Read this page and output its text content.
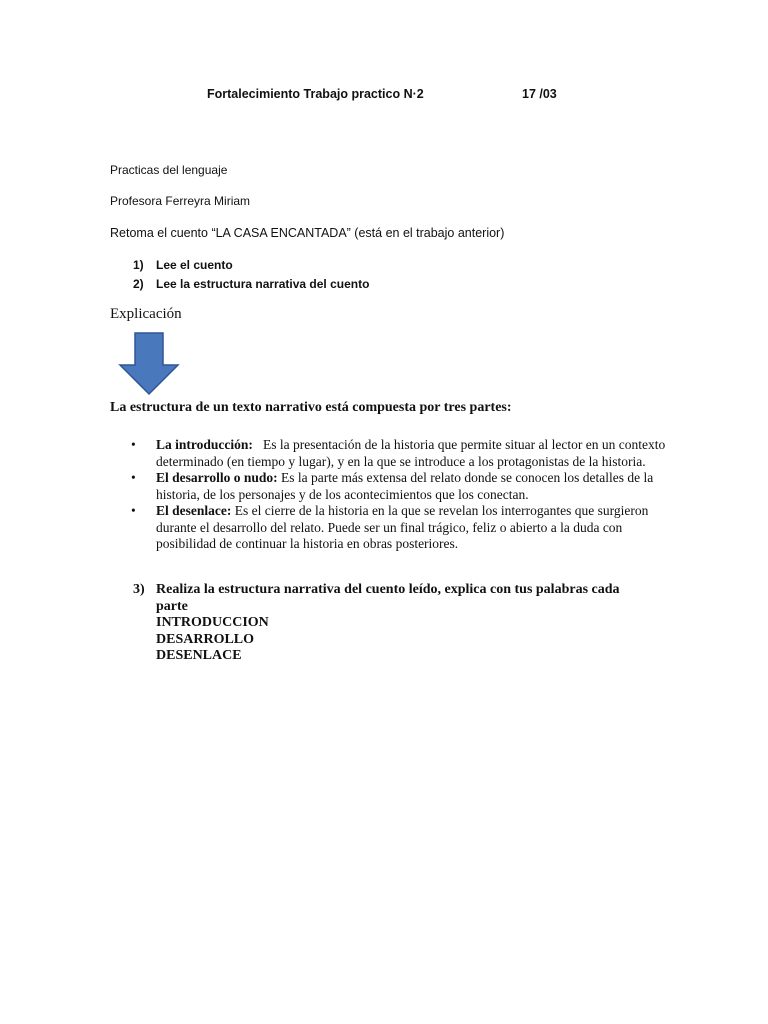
Fortalecimiento Trabajo practico N·2	17 /03
Practicas del lenguaje
Profesora Ferreyra Miriam
Retoma el cuento “LA CASA ENCANTADA” (está en el trabajo anterior)
1) Lee el cuento
2) Lee la estructura narrativa del cuento
Explicación
La estructura de un texto narrativo está compuesta por tres partes:
• La introducción: Es la presentación de la historia que permite situar al lector en un contexto determinado (en tiempo y lugar), y en la que se introduce a los protagonistas de la historia.
• El desarrollo o nudo: Es la parte más extensa del relato donde se conocen los detalles de la historia, de los personajes y de los acontecimientos que los conectan.
• El desenlace: Es el cierre de la historia en la que se revelan los interrogantes que surgieron durante el desarrollo del relato. Puede ser un final trágico, feliz o abierto a la duda con posibilidad de continuar la historia en obras posteriores.
3) Realiza la estructura narrativa del cuento leído, explica con tus palabras cada parte
INTRODUCCION
DESARROLLO
DESENLACE
